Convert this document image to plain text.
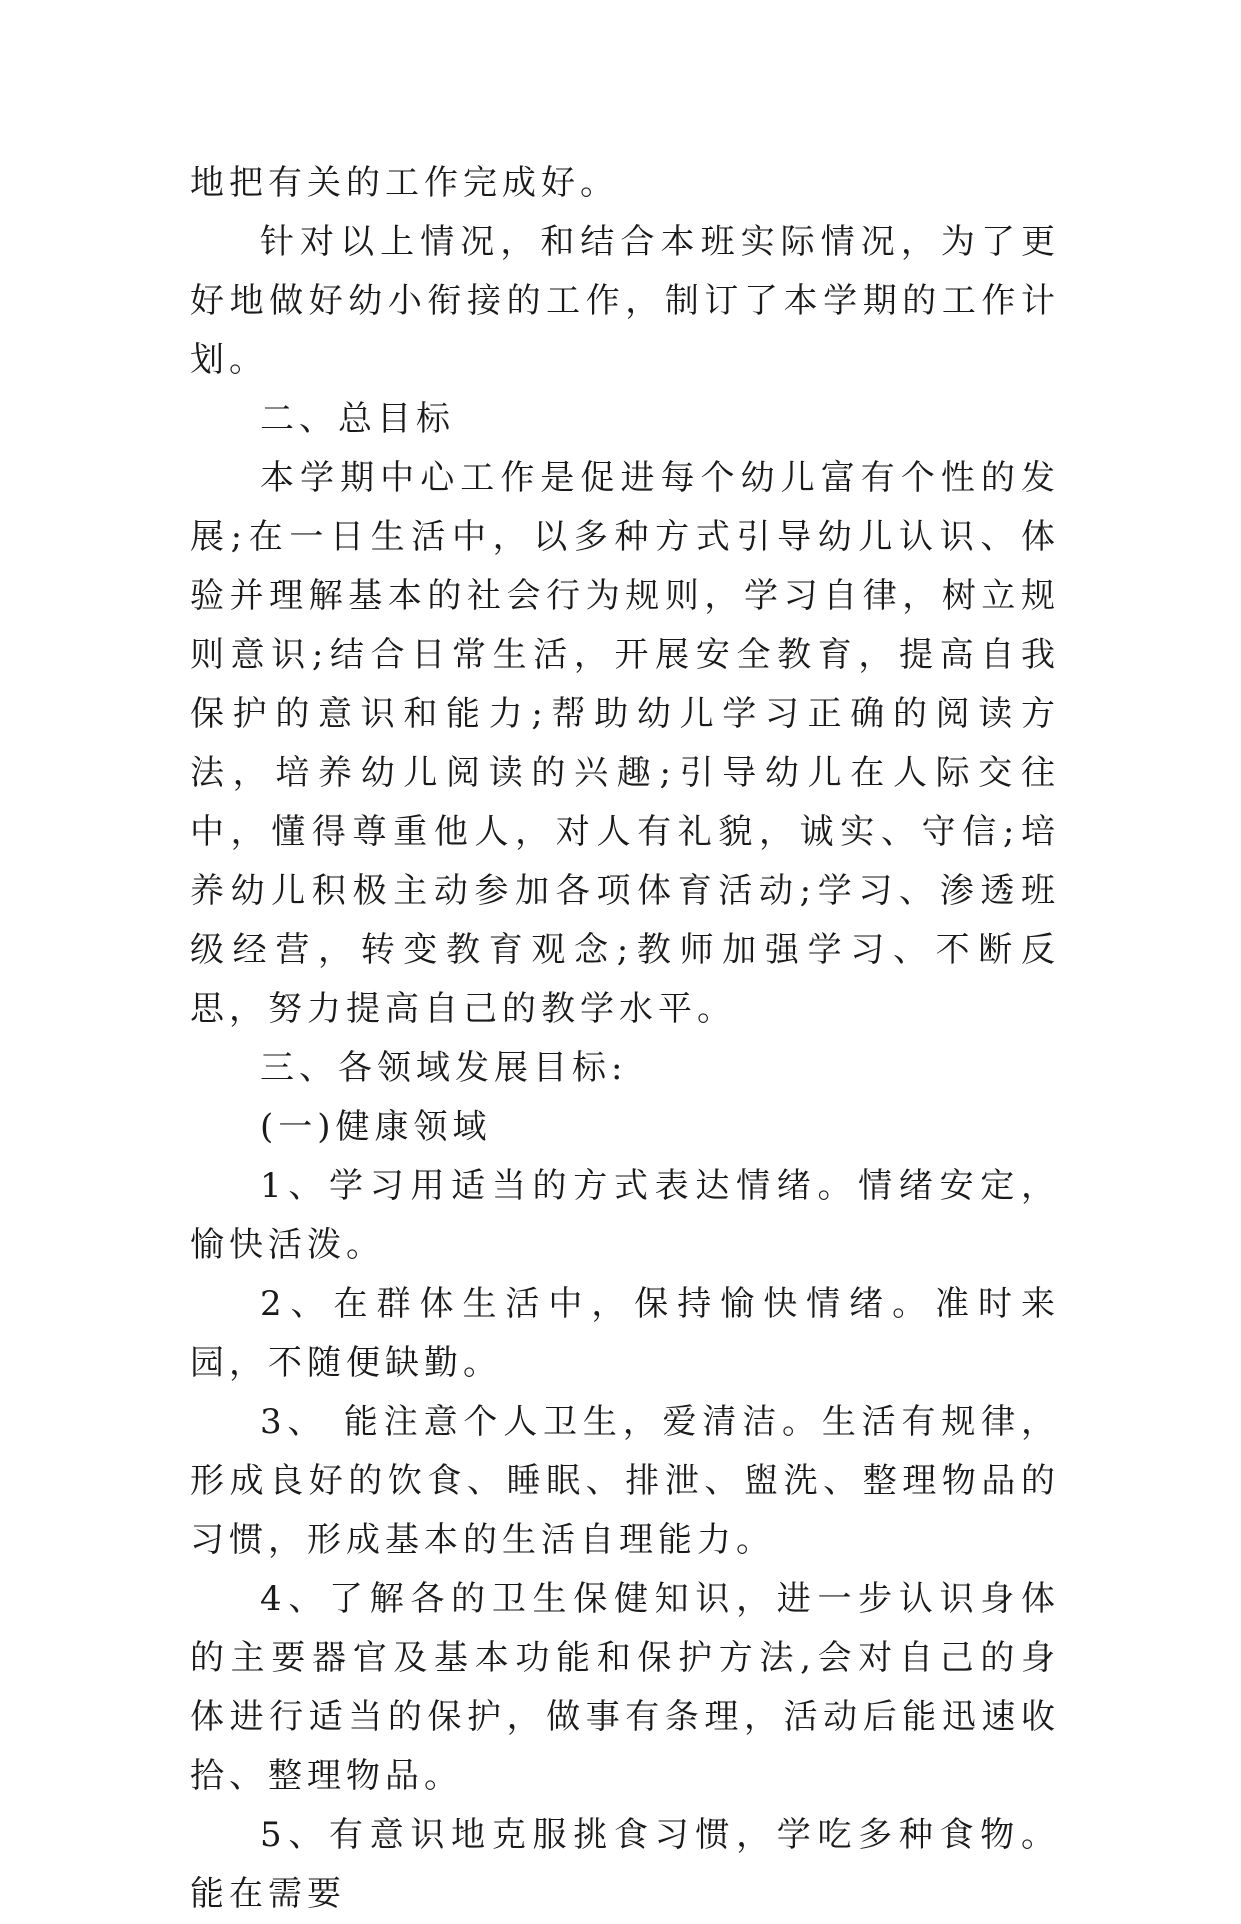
地把有关的工作完成好。

针对以上情况，和结合本班实际情况，为了更好地做好幼小衔接的工作，制订了本学期的工作计划。

二、总目标

本学期中心工作是促进每个幼儿富有个性的发展;在一日生活中，以多种方式引导幼儿认识、体验并理解基本的社会行为规则，学习自律，树立规则意识;结合日常生活，开展安全教育，提高自我保护的意识和能力;帮助幼儿学习正确的阅读方法，培养幼儿阅读的兴趣;引导幼儿在人际交往中，懂得尊重他人，对人有礼貌，诚实、守信;培养幼儿积极主动参加各项体育活动;学习、渗透班级经营，转变教育观念;教师加强学习、不断反思，努力提高自己的教学水平。

三、各领域发展目标:

(一)健康领域

1、学习用适当的方式表达情绪。情绪安定，愉快活泼。

2、在群体生活中，保持愉快情绪。准时来园，不随便缺勤。

3、 能注意个人卫生，爱清洁。生活有规律，形成良好的饮食、睡眠、排泄、盥洗、整理物品的习惯，形成基本的生活自理能力。

4、了解各的卫生保健知识，进一步认识身体的主要器官及基本功能和保护方法,会对自己的身体进行适当的保护，做事有条理，活动后能迅速收拾、整理物品。

5、有意识地克服挑食习惯，学吃多种食物。能在需要
